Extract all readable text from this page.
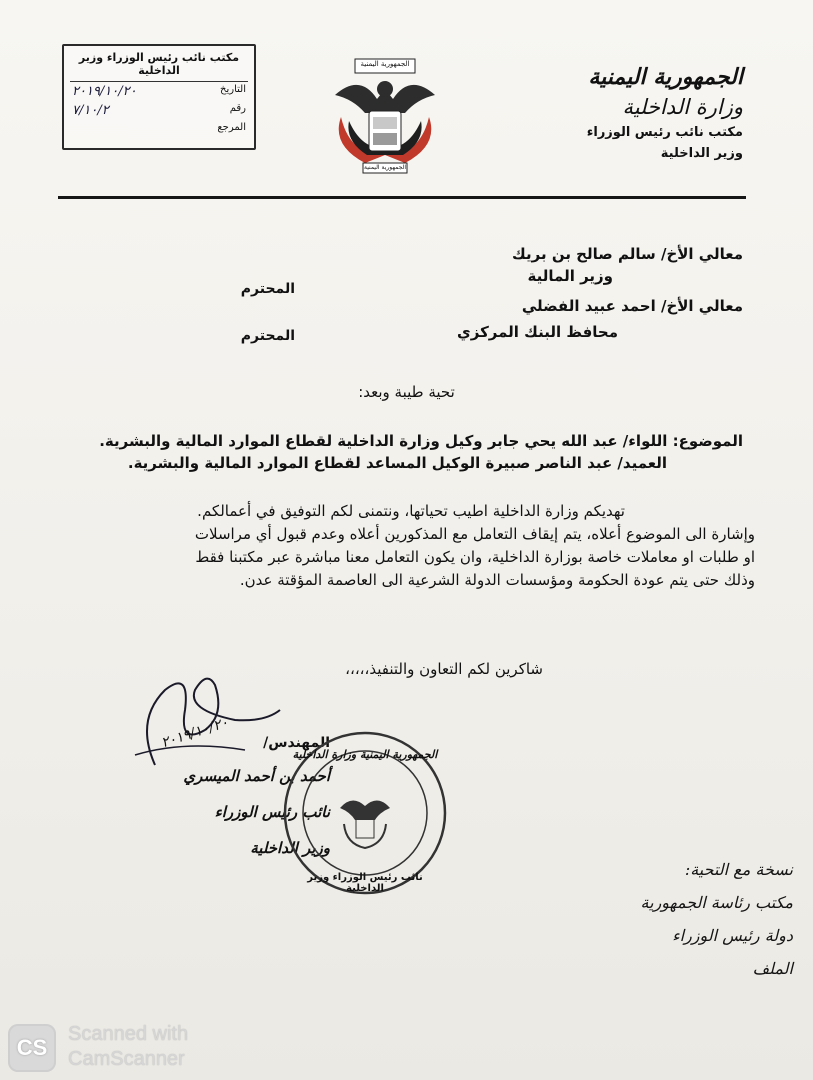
الجمهورية اليمنية
وزارة الداخلية
مكتب نائب رئيس الوزراء
وزير الداخلية
الجمهورية اليمنية
الجمهورية اليمنية
مكتب نائب رئيس الوزراء وزير الداخلية
التاريخ
٢٠١٩/١٠/٢٠
رقم
٧/١٠/٢
المرجع
معالي الأخ/ سالم صالح بن بريك
وزير المالية
المحترم
معالي الأخ/ احمد عبيد الفضلي
محافظ البنك المركزي
المحترم
تحية طيبة وبعد:
الموضوع: اللواء/ عبد الله يحي جابر وكيل وزارة الداخلية لقطاع الموارد المالية والبشرية.
العميد/ عبد الناصر صبيرة الوكيل المساعد لقطاع الموارد المالية والبشرية.
تهديكم وزارة الداخلية اطيب تحياتها، ونتمنى لكم التوفيق في أعمالكم.
وإشارة الى الموضوع أعلاه، يتم إيقاف التعامل مع المذكورين أعلاه وعدم قبول أي مراسلات
او طلبات او معاملات خاصة بوزارة الداخلية، وان يكون التعامل معنا مباشرة عبر مكتبنا فقط
وذلك حتى يتم عودة الحكومة ومؤسسات الدولة الشرعية الى العاصمة المؤقتة عدن.
شاكرين لكم التعاون والتنفيذ،،،،،
٢٠١٩/١٠/٢٠	المهندس/
أحمد بن أحمد الميسري
نائب رئيس الوزراء
وزير الداخلية
الجمهورية اليمنية وزارة الداخلية
نائب رئيس الوزراء وزير الداخلية
نسخة مع التحية:
مكتب رئاسة الجمهورية
دولة رئيس الوزراء
الملف
CS
Scanned with
CamScanner
